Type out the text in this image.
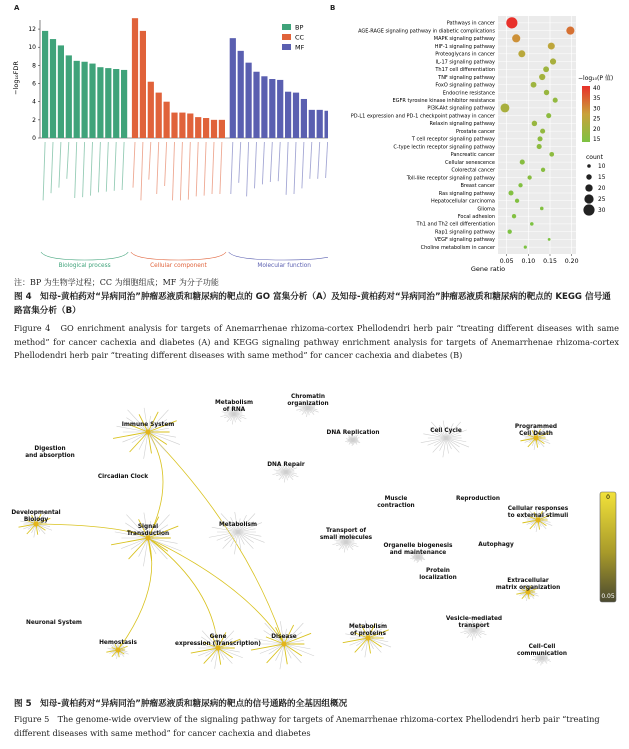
A
−log₁₀FDR
0
2
4
6
8
10
12	BP
CC
MF
Biological process	Cellular component	Molecular function
B
0.05 0.10 0.15 0.20
Pathways in cancer
AGE-RAGE signaling pathway in diabetic complications
MAPK signaling pathway
HIF-1 signaling pathway
Proteoglycans in cancer
IL-17 signaling pathway
Th17 cell differentiation
TNF signaling pathway
FoxO signaling pathway
Endocrine resistance
EGFR tyrosine kinase inhibitor resistance
PI3K-Akt signaling pathway
PD-L1 expression and PD-1 checkpoint pathway in cancer
Relaxin signaling pathway
Prostate cancer
T cell receptor signaling pathway
C-type lectin receptor signaling pathway
Pancreatic cancer
Cellular senescence
Colorectal cancer
Toll-like receptor signaling pathway
Breast cancer
Ras signaling pathway
Hepatocellular carcinoma
Glioma
Focal adhesion
Th1 and Th2 cell differentiation
Rap1 signaling pathway
VEGF signaling pathway
Choline metabolism in cancer
Gene ratio
−log₁₀(P 值)
40
35
30
25
20
15
count
10
15
20
25
30
注：BP 为生物学过程；CC 为细胞组成；MF 为分子功能
图 4　知母-黄柏药对“异病同治”肿瘤恶液质和糖尿病的靶点的 GO 富集分析（A）及知母-黄柏药对“异病同治”肿瘤恶液质和糖尿病的靶点的 KEGG 信号通路富集分析（B）
Figure 4　GO enrichment analysis for targets of Anemarrhenae rhizoma-cortex Phellodendri herb pair “treating different diseases with same method” for cancer cachexia and diabetes (A) and KEGG signaling pathway enrichment analysis for targets of Anemarrhenae rhizoma-cortex Phellodendri herb pair “treating different diseases with same method” for cancer cachexia and diabetes (B)
Immune System
Metabolism of RNA
Chromatin organization
DNA Replication	Cell Cycle
Programmed Cell Death
Digestion and absorption
Circadian Clock
DNA Repair
Developmental Biology
Signal Transduction
Metabolism
Muscle contraction
Reproduction
Cellular responses to external stimuli
Transport of small molecules
Organelle biogenesis and maintenance
Autophagy
Protein localization	Extracellular matrix organization
Neuronal System
Hemostasis
Gene expression (Transcription)
Disease
Metabolism of proteins
Vesicle-mediated transport
Cell-Cell communication
0
0.05
图 5　知母-黄柏药对“异病同治”肿瘤恶液质和糖尿病的靶点的信号通路的全基因组概况
Figure 5　The genome-wide overview of the signaling pathway for targets of Anemarrhenae rhizoma-cortex Phellodendri herb pair “treating different diseases with same method” for cancer cachexia and diabetes
